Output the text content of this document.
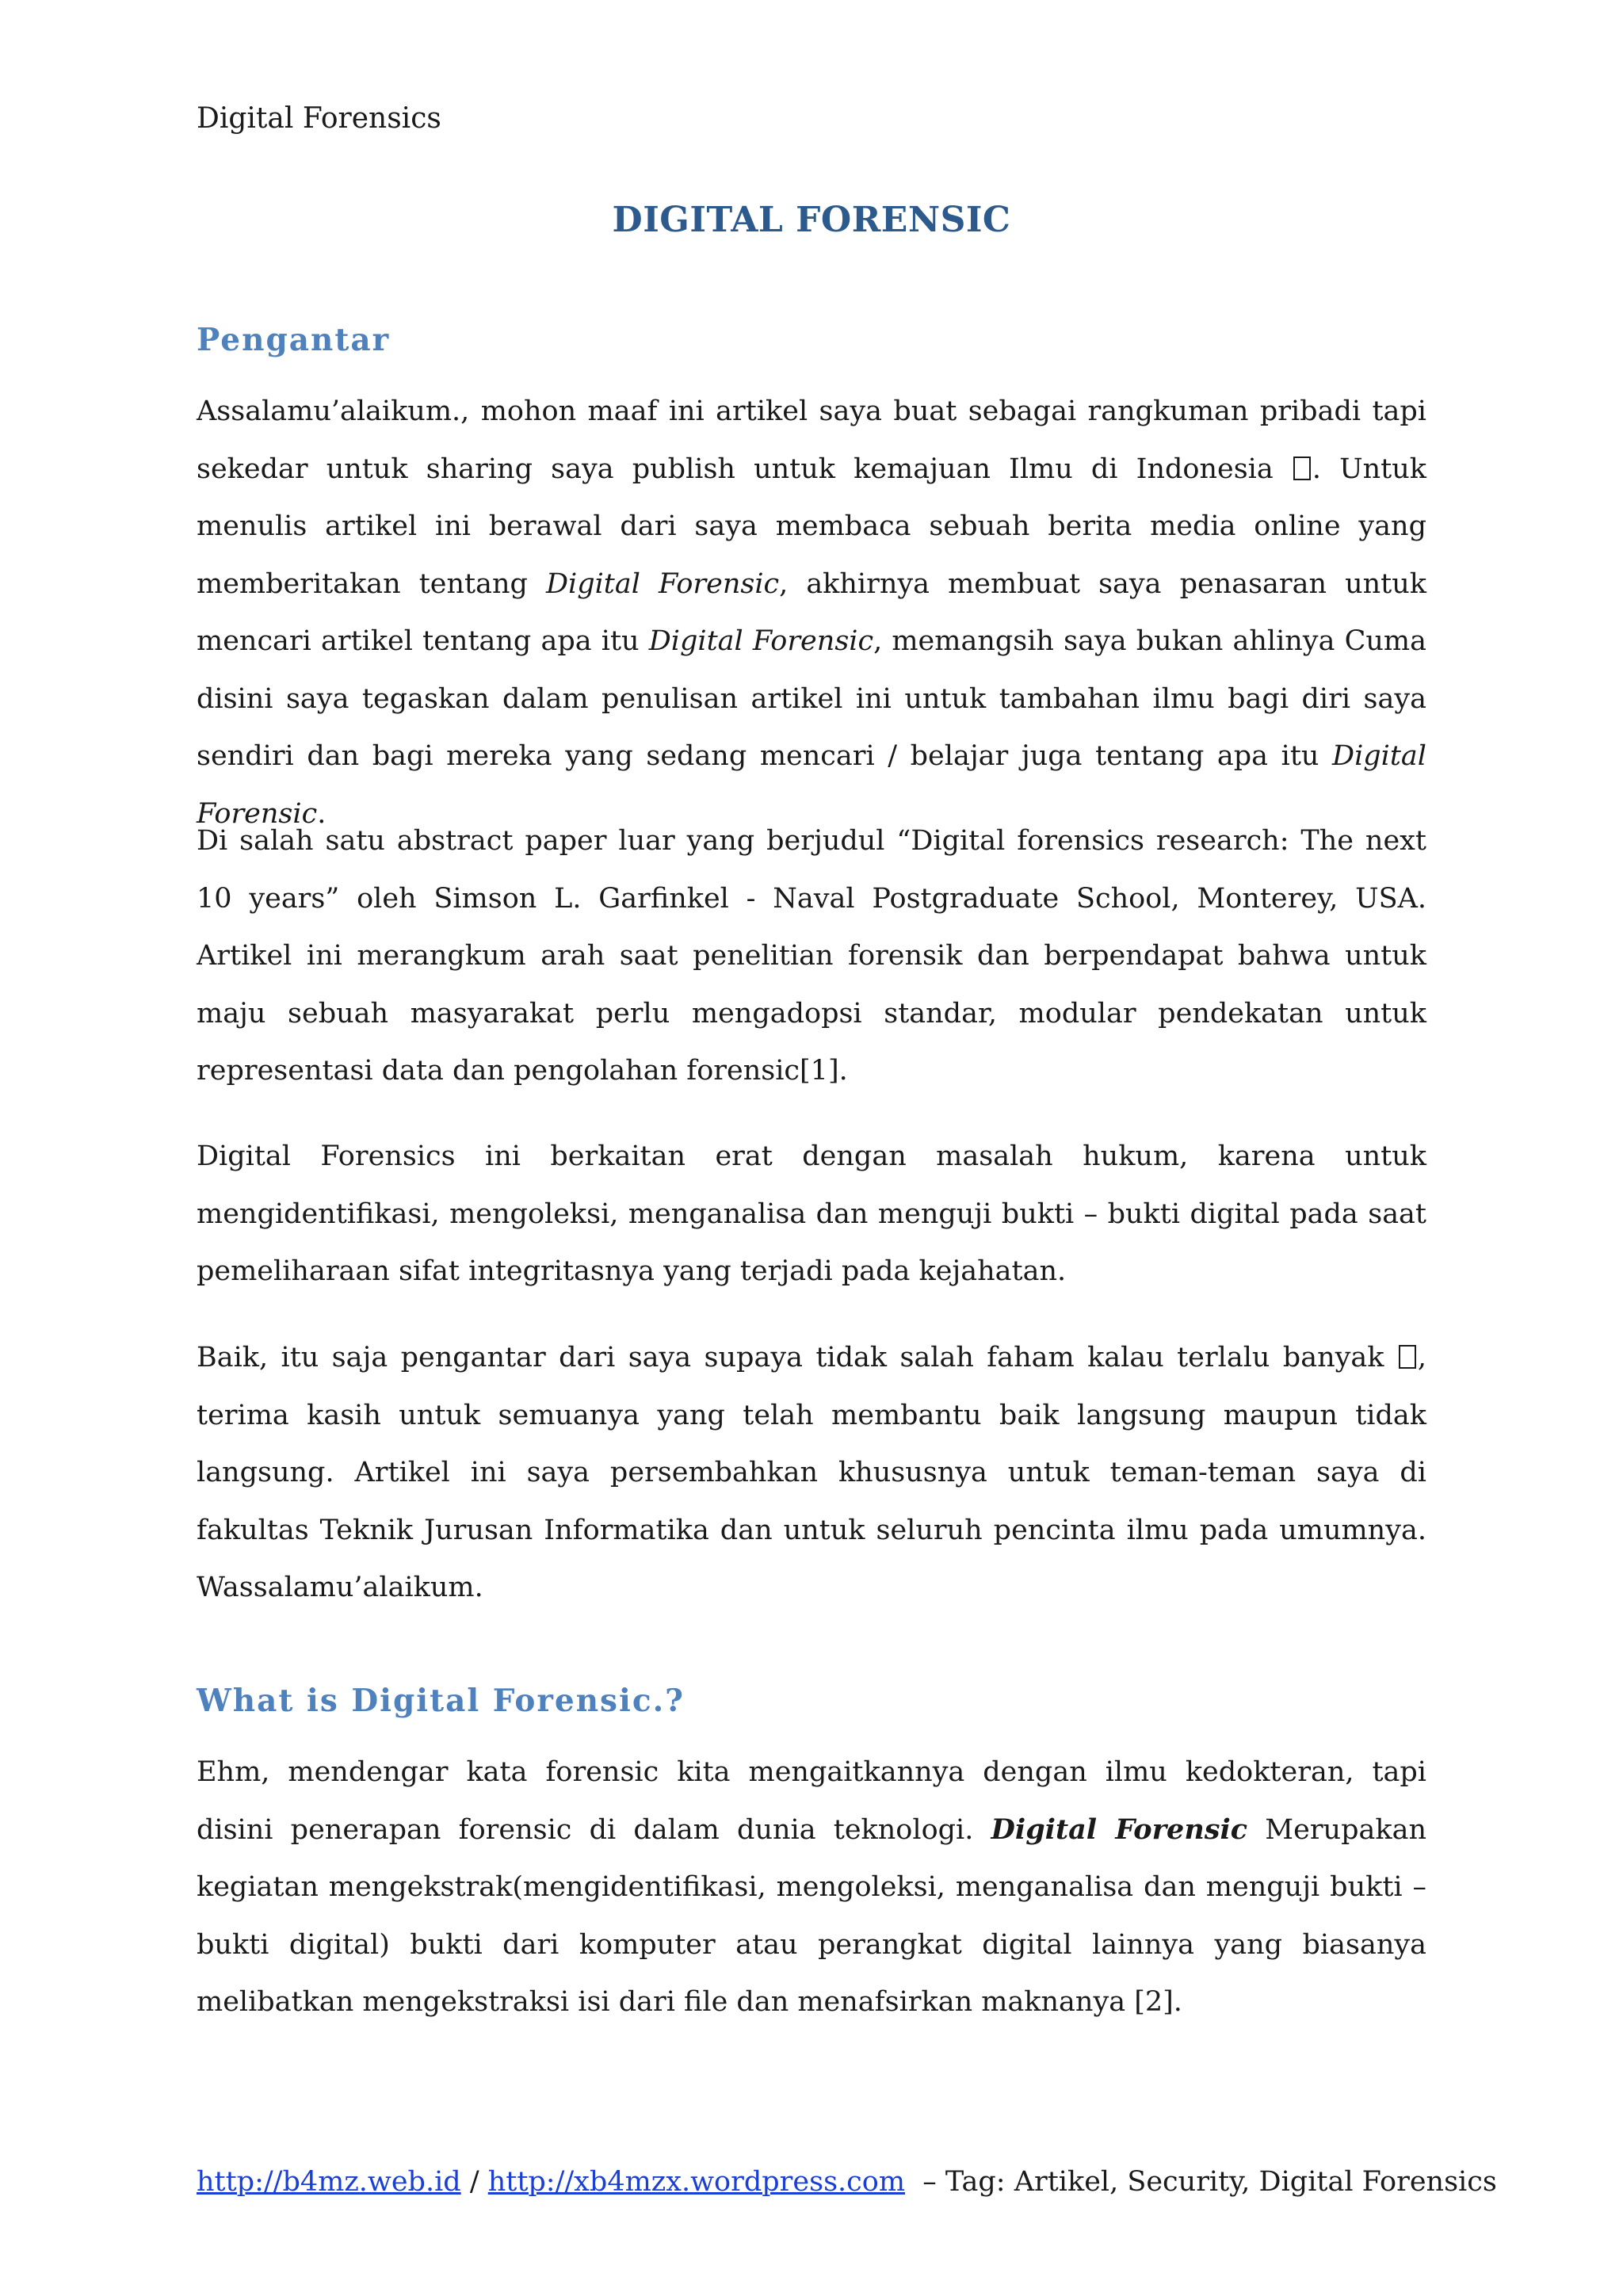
Digital Forensics
DIGITAL FORENSIC
Pengantar
Assalamu’alaikum., mohon maaf ini artikel saya buat sebagai rangkuman pribadi tapi sekedar untuk sharing saya publish untuk kemajuan Ilmu di Indonesia . Untuk menulis artikel ini berawal dari saya membaca sebuah berita media online yang memberitakan tentang Digital Forensic, akhirnya membuat saya penasaran untuk mencari artikel tentang apa itu Digital Forensic, memangsih saya bukan ahlinya Cuma disini saya tegaskan dalam penulisan artikel ini untuk tambahan ilmu bagi diri saya sendiri dan bagi mereka yang sedang mencari / belajar juga tentang apa itu Digital Forensic.
Di salah satu abstract paper luar yang berjudul “Digital forensics research: The next 10 years” oleh Simson L. Garfinkel - Naval Postgraduate School, Monterey, USA. Artikel ini merangkum arah saat penelitian forensik dan berpendapat bahwa untuk maju sebuah masyarakat perlu mengadopsi standar, modular pendekatan untuk representasi data dan pengolahan forensic[1].
Digital Forensics ini berkaitan erat dengan masalah hukum, karena untuk mengidentifikasi, mengoleksi, menganalisa dan menguji bukti – bukti digital pada saat pemeliharaan sifat integritasnya yang terjadi pada kejahatan.
Baik, itu saja pengantar dari saya supaya tidak salah faham kalau terlalu banyak , terima kasih untuk semuanya yang telah membantu baik langsung maupun tidak langsung. Artikel ini saya persembahkan khususnya untuk teman-teman saya di fakultas Teknik Jurusan Informatika dan untuk seluruh pencinta ilmu pada umumnya. Wassalamu’alaikum.
What is Digital Forensic.?
Ehm, mendengar kata forensic kita mengaitkannya dengan ilmu kedokteran, tapi disini penerapan forensic di dalam dunia teknologi. Digital Forensic Merupakan kegiatan mengekstrak(mengidentifikasi, mengoleksi, menganalisa dan menguji bukti – bukti digital) bukti dari komputer atau perangkat digital lainnya yang biasanya melibatkan mengekstraksi isi dari file dan menafsirkan maknanya [2].
http://b4mz.web.id / http://xb4mzx.wordpress.com  – Tag: Artikel, Security, Digital Forensics
